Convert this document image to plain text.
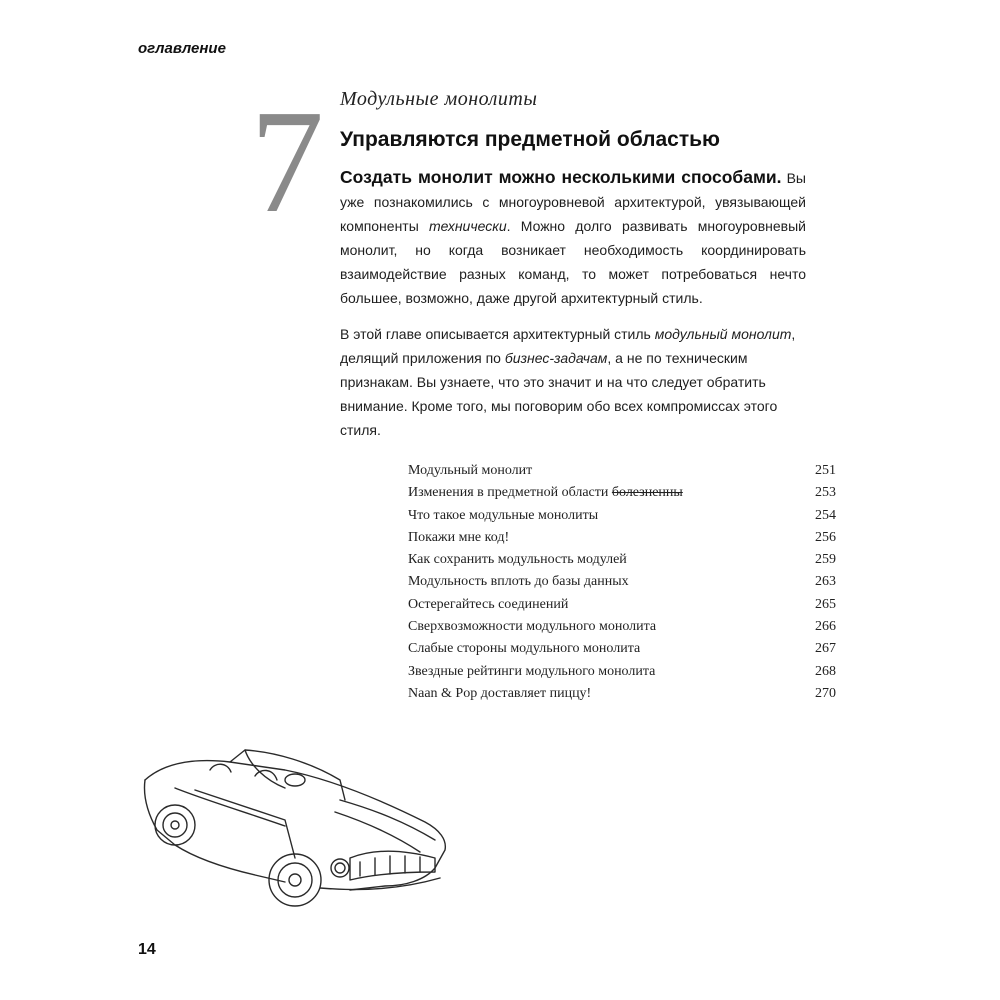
оглавление
7 Модульные монолиты
Управляются предметной областью

Создать монолит можно несколькими способами. Вы уже познакомились с многоуровневой архитектурой, увязывающей компоненты технически. Можно долго развивать многоуровневый монолит, но когда возникает необходимость координировать взаимодействие разных команд, то может потребоваться нечто большее, возможно, даже другой архитектурный стиль.

В этой главе описывается архитектурный стиль модульный монолит, делящий приложения по бизнес-задачам, а не по техническим признакам. Вы узнаете, что это значит и на что следует обратить внимание. Кроме того, мы поговорим обо всех компромиссах этого стиля.

Модульный монолит	251
Изменения в предметной области болезненны	253
Что такое модульные монолиты	254
Покажи мне код!	256
Как сохранить модульность модулей	259
Модульность вплоть до базы данных	263
Остерегайтесь соединений	265
Сверхвозможности модульного монолита	266
Слабые стороны модульного монолита	267
Звездные рейтинги модульного монолита	268
Naan & Pop доставляет пиццу!	270
14
